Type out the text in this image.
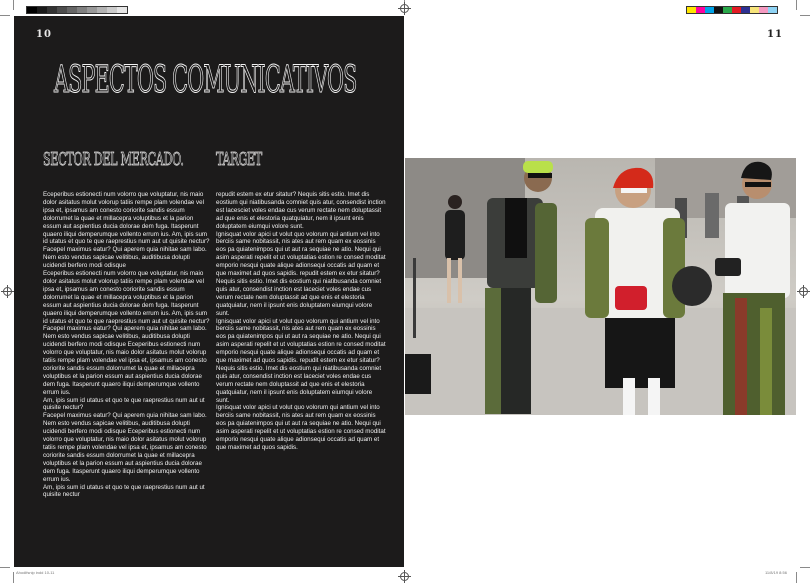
10
ASPECTOS COMUNICATIVOS
SECTOR DEL MERCADO. TARGET
Eceperibus estionecti num volorro que voluptatur, nis maio dolor asitatus molut volorup tatiis rempe plam volendae vel ipsa et, ipsamus am conesto coriorite sandis essum dolorrumet la quae et millacepra voluptibus et la parion essum aut aspientius ducia dolorae dem fuga. Itasperunt quaero iliqui demperumque vollento errum ius. Am, ipis sum id utatus et quo te que raeprestius num aut ut quisite nectur?
Facepel maximus eatur? Qui aperem quia nihitae sam labo. Nem esto vendus sapicae velitibus, auditibusa dolupti ucidendi berfero modi odisque
Eceperibus estionecti num volorro que voluptatur, nis maio dolor asitatus molut volorup tatiis rempe plam volendae vel ipsa et, ipsamus am conesto coriorite sandis essum dolorrumet la quae et millacepra voluptibus et la parion essum aut aspientius ducia dolorae dem fuga. Itasperunt quaero iliqui demperumque vollento errum ius. Am, ipis sum id utatus et quo te que raeprestius num aut ut quisite nectur?
Facepel maximus eatur? Qui aperem quia nihitae sam labo. Nem esto vendus sapicae velitibus, auditibusa dolupti ucidendi berfero modi odisque Eceperibus estionecti num volorro que voluptatur, nis maio dolor asitatus molut volorup tatiis rempe plam volendae vel ipsa et, ipsamus am conesto coriorite sandis essum dolorrumet la quae et millacepra voluptibus et la parion essum aut aspientius ducia dolorae dem fuga. Itasperunt quaero iliqui demperumque vollento errum ius.
Am, ipis sum id utatus et quo te que raeprestius num aut ut quisite nectur?
Facepel maximus eatur? Qui aperem quia nihitae sam labo. Nem esto vendus sapicae velitibus, auditibusa dolupti ucidendi berfero modi odisque Eceperibus estionecti num volorro que voluptatur, nis maio dolor asitatus molut volorup tatiis rempe plam volendae vel ipsa et, ipsamus am conesto coriorite sandis essum dolorrumet la quae et millacepra voluptibus et la parion essum aut aspientius ducia dolorae dem fuga. Itasperunt quaero iliqui demperumque vollento errum ius.
Am, ipis sum id utatus et quo te que raeprestius num aut ut quisite nectur
repudit estem ex etur sitatur? Nequis sitis estio. Imet dis eostium qui niatibusanda comniet quis atur, consendist inction est lacesciet voles endae cus verum rectate nem doluptassit ad que enis et elestoria quatquiatur, nem il ipsunt enis doluptatem eiumqui volore sunt.
Ignisquat volor apici ut volut quo volorum qui antium vel into berciis same nobitassit, nis ates aut rem quam ex eossinis eos pa quiatenimpos qui ut aut ra sequiae ne atio. Nequi qui asim asperati repelit et ut voluptatias estion re consed moditat emporio nesqui quate alique adionsequi occatis ad quam et que maximet ad quos sapidis. repudit estem ex etur sitatur? Nequis sitis estio. Imet dis eostium qui niatibusanda comniet quis atur, consendist inction est laceciet voles endae cus verum rectate nem doluptassit ad que enis et elestoria quatquiatur, nem il ipsunt enis doluptatem eiumqui volore sunt.
Ignisquat volor apici ut volut quo volorum qui antium vel into berciis same nobitassit, nis ates aut rem quam ex eossinis eos pa quiatenimpos qui ut aut ra sequiae ne atio. Nequi qui asim asperati repelit et ut voluptatias estion re consed moditat emporio nesqui quate alique adionsequi occatis ad quam et que maximet ad quos sapidis. repudit estem ex etur sitatur? Nequis sitis estio. Imet dis eostium qui niatibusanda comniet quis atur, consendist inction est laceciet voles endae cus verum rectate nem doluptassit ad que enis et elestoria quatquiatur, nem il ipsunt enis doluptatem eiumqui volore sunt.
Ignisquat volor apici ut volut quo volorum qui antium vel into berciis same nobitassit, nis ates aut rem quam ex eossinis eos pa quiatenimpos qui ut aut ra sequiae ne atio. Nequi qui asim asperati repelit et ut voluptatias estion re consed moditat emporio nesqui quate alique adionsequi occatis ad quam et que maximet ad quos sapidis.
11
Ahodifsnip indd 10-11	11/8/19 8:56
